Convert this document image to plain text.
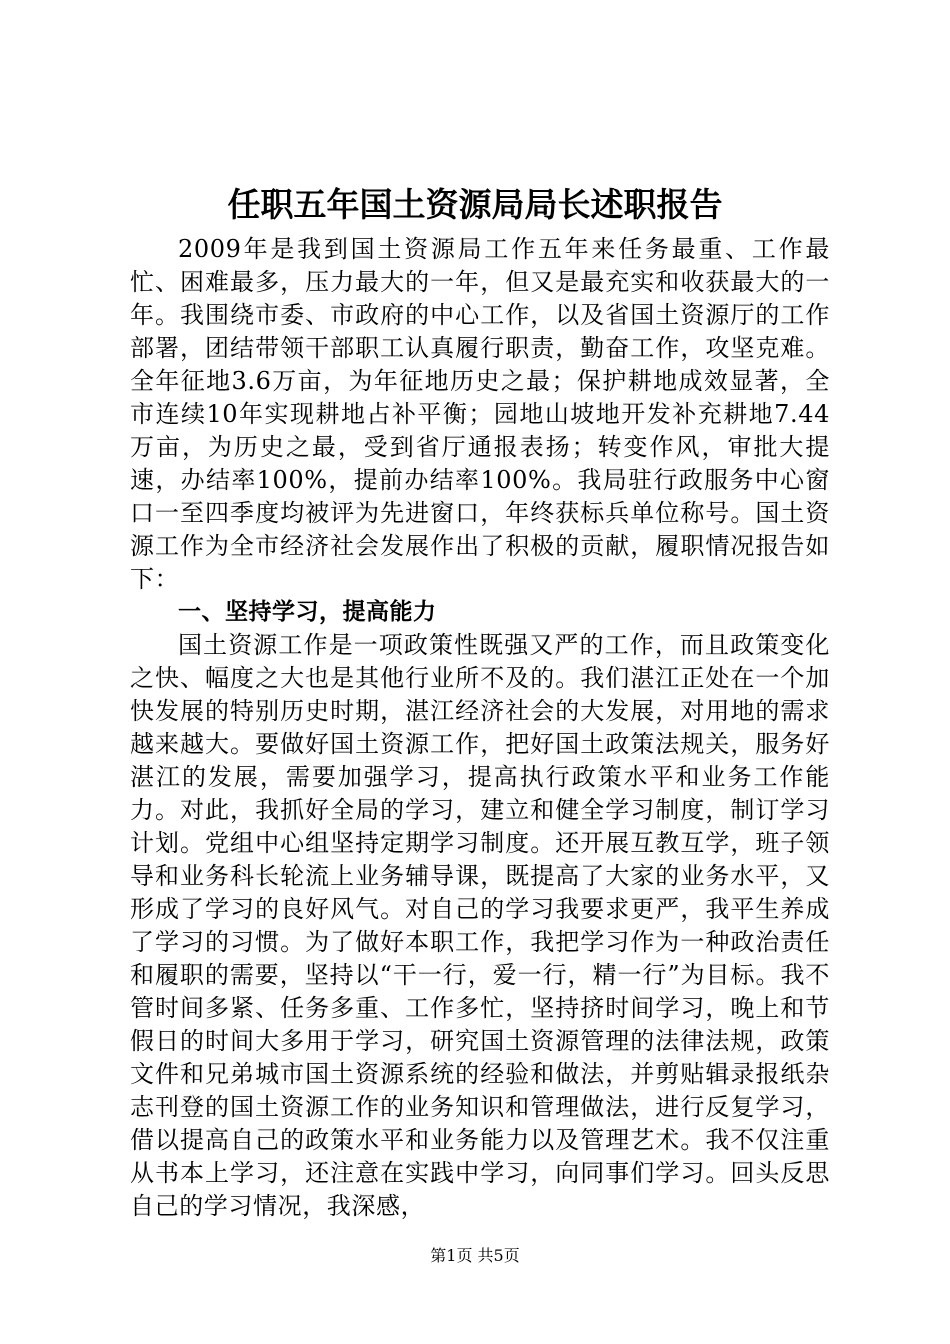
任职五年国土资源局局长述职报告

2009年是我到国土资源局工作五年来任务最重、工作最忙、困难最多，压力最大的一年，但又是最充实和收获最大的一年。我围绕市委、市政府的中心工作，以及省国土资源厅的工作部署，团结带领干部职工认真履行职责，勤奋工作，攻坚克难。全年征地3.6万亩，为年征地历史之最；保护耕地成效显著，全市连续10年实现耕地占补平衡；园地山坡地开发补充耕地7.44万亩，为历史之最，受到省厅通报表扬；转变作风，审批大提速，办结率100%，提前办结率100%。我局驻行政服务中心窗口一至四季度均被评为先进窗口，年终获标兵单位称号。国土资源工作为全市经济社会发展作出了积极的贡献，履职情况报告如下：

一、坚持学习，提高能力

国土资源工作是一项政策性既强又严的工作，而且政策变化之快、幅度之大也是其他行业所不及的。我们湛江正处在一个加快发展的特别历史时期，湛江经济社会的大发展，对用地的需求越来越大。要做好国土资源工作，把好国土政策法规关，服务好湛江的发展，需要加强学习，提高执行政策水平和业务工作能力。对此，我抓好全局的学习，建立和健全学习制度，制订学习计划。党组中心组坚持定期学习制度。还开展互教互学，班子领导和业务科长轮流上业务辅导课，既提高了大家的业务水平，又形成了学习的良好风气。对自己的学习我要求更严，我平生养成了学习的习惯。为了做好本职工作，我把学习作为一种政治责任和履职的需要，坚持以“干一行，爱一行，精一行”为目标。我不管时间多紧、任务多重、工作多忙，坚持挤时间学习，晚上和节假日的时间大多用于学习，研究国土资源管理的法律法规，政策文件和兄弟城市国土资源系统的经验和做法，并剪贴辑录报纸杂志刊登的国土资源工作的业务知识和管理做法，进行反复学习，借以提高自己的政策水平和业务能力以及管理艺术。我不仅注重从书本上学习，还注意在实践中学习，向同事们学习。回头反思自己的学习情况，我深感，

第1页 共5页
